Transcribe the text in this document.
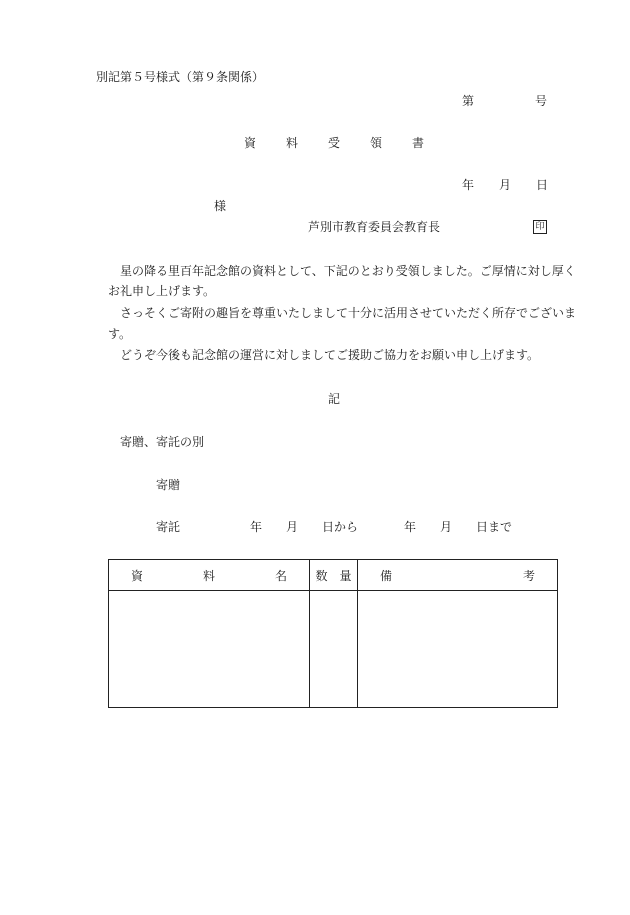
別記第５号様式（第９条関係）
第	号
資 料 受 領 書
年 月 日
様
芦別市教育委員会教育長	印
星の降る里百年記念館の資料として、下記のとおり受領しました。ご厚情に対し厚く
お礼申し上げます。
さっそくご寄附の趣旨を尊重いたしまして十分に活用させていただく所存でございま
す。
どうぞ今後も記念館の運営に対しましてご援助ご協力をお願い申し上げます。
記
寄贈、寄託の別
寄贈
寄託	年 月 日から	年 月 日まで
資 料 名	数 量	備 考
